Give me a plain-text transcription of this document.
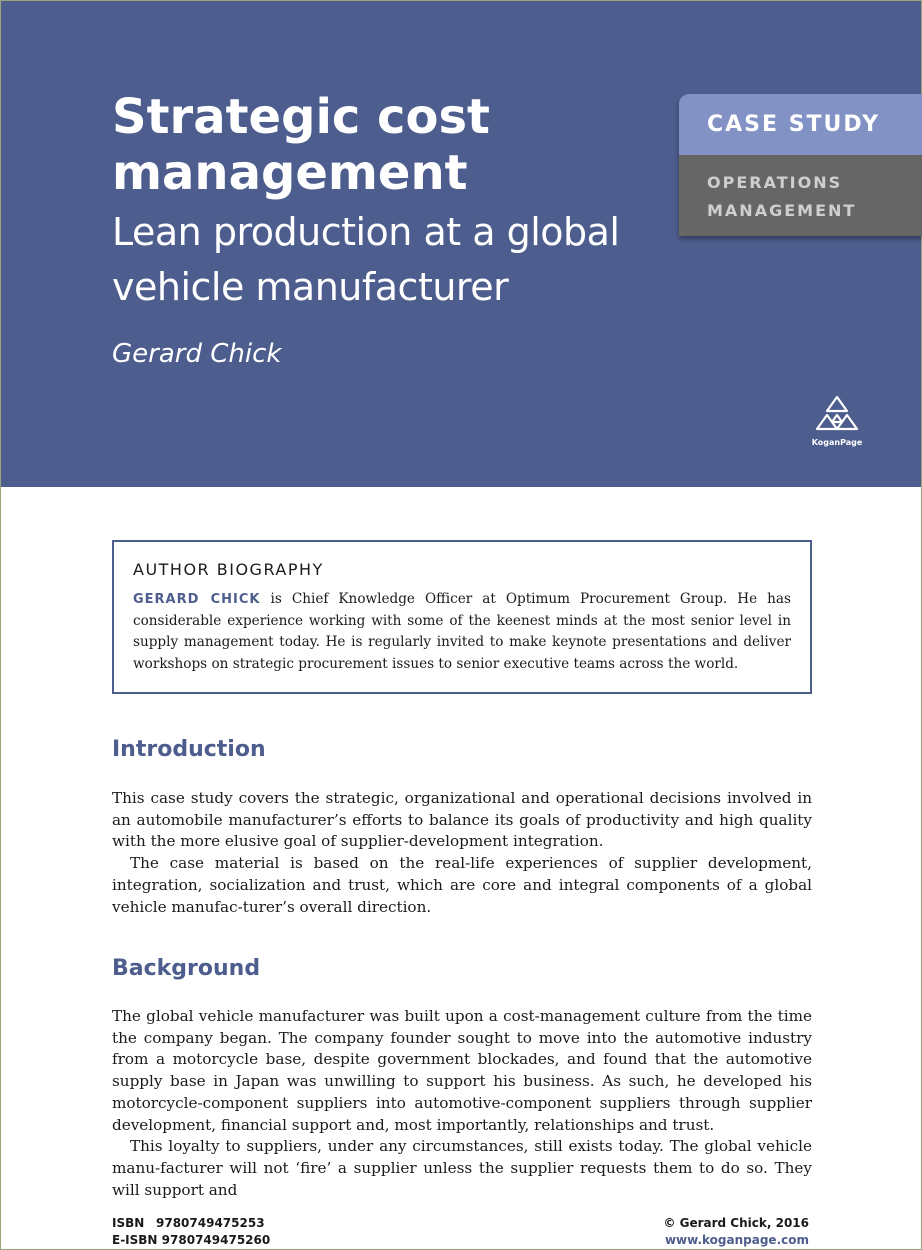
Strategic cost management
Lean production at a global vehicle manufacturer
Gerard Chick
CASE STUDY
OPERATIONS
MANAGEMENT
KoganPage
AUTHOR BIOGRAPHY

GERARD CHICK is Chief Knowledge Officer at Optimum Procurement Group. He has considerable experience working with some of the keenest minds at the most senior level in supply management today. He is regularly invited to make keynote presentations and deliver workshops on strategic procurement issues to senior executive teams across the world.

Introduction

This case study covers the strategic, organizational and operational decisions involved in an automobile manufacturer’s efforts to balance its goals of productivity and high quality with the more elusive goal of supplier-development integration.

The case material is based on the real-life experiences of supplier development, integration, socialization and trust, which are core and integral components of a global vehicle manufac-turer’s overall direction.

Background

The global vehicle manufacturer was built upon a cost-management culture from the time the company began. The company founder sought to move into the automotive industry from a motorcycle base, despite government blockades, and found that the automotive supply base in Japan was unwilling to support his business. As such, he developed his motorcycle-component suppliers into automotive-component suppliers through supplier development, financial support and, most importantly, relationships and trust.

This loyalty to suppliers, under any circumstances, still exists today. The global vehicle manu-facturer will not ‘fire’ a supplier unless the supplier requests them to do so. They will support and

ISBN 9780749475253
E-ISBN 9780749475260
© Gerard Chick, 2016
www.koganpage.com
